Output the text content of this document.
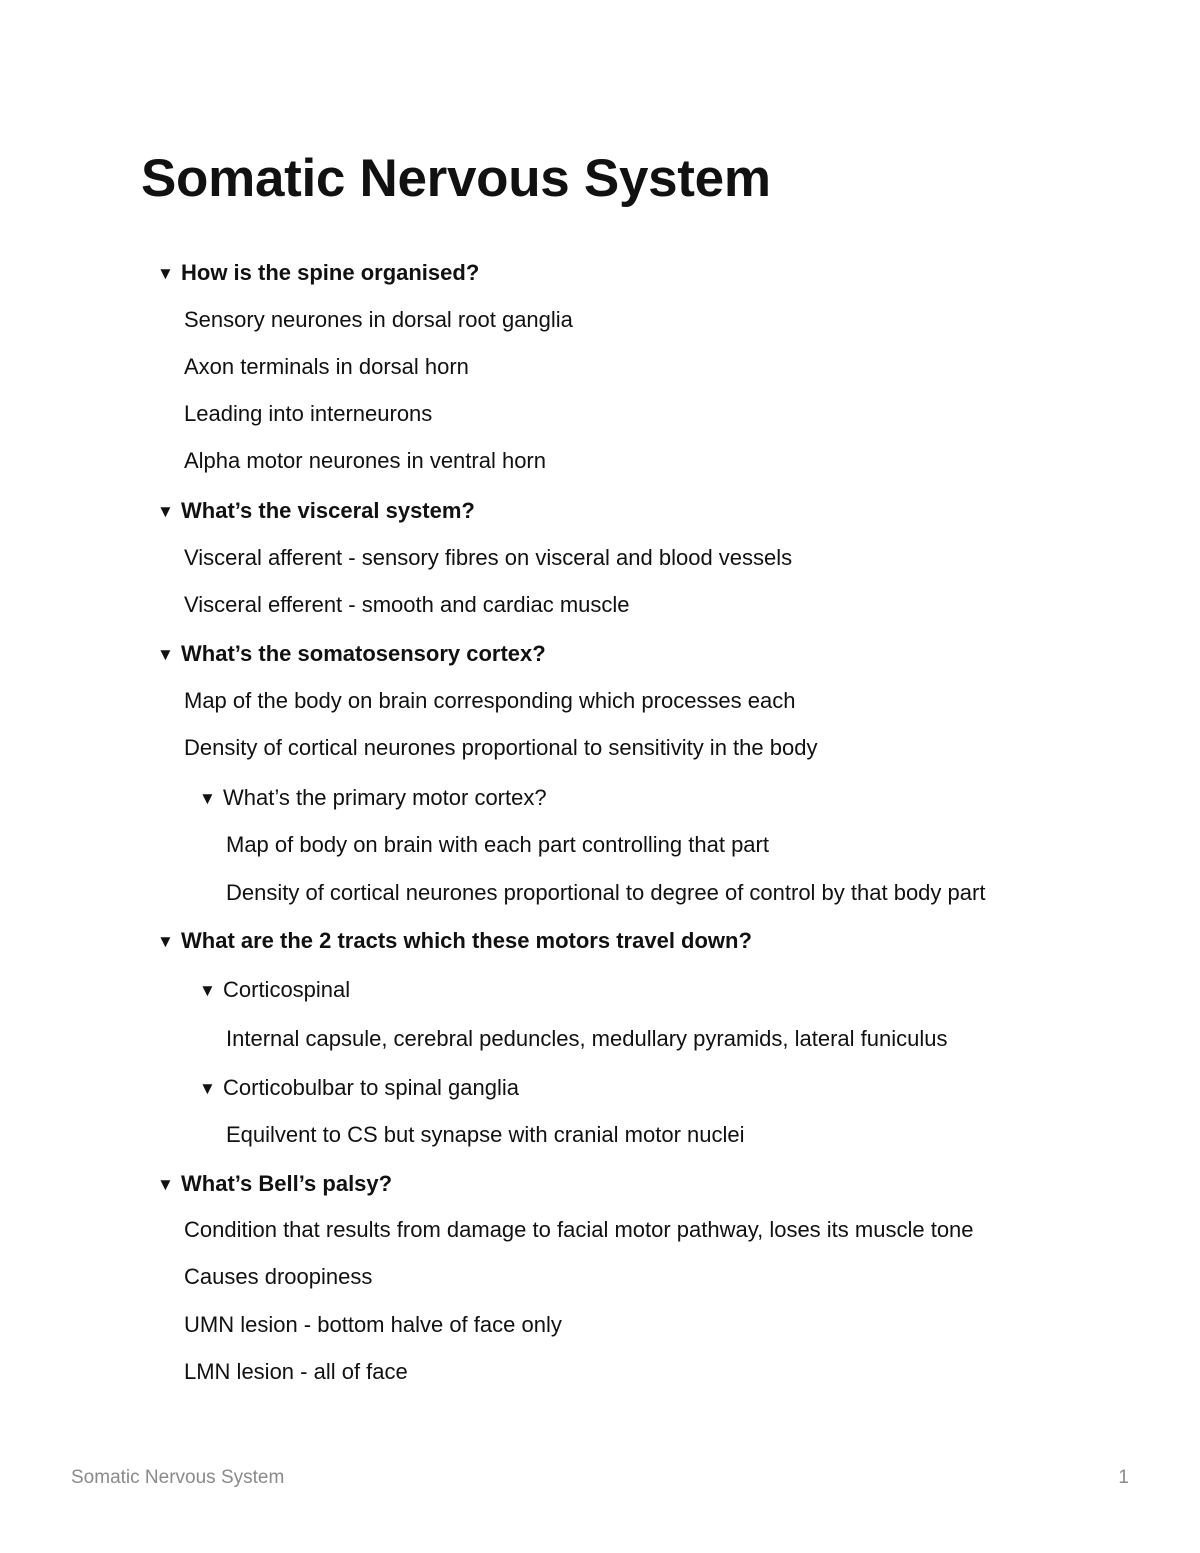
Somatic Nervous System
▼ How is the spine organised?
Sensory neurones in dorsal root ganglia
Axon terminals in dorsal horn
Leading into interneurons
Alpha motor neurones in ventral horn
▼ What’s the visceral system?
Visceral afferent - sensory fibres on visceral and blood vessels
Visceral efferent - smooth and cardiac muscle
▼ What’s the somatosensory cortex?
Map of the body on brain corresponding which processes each
Density of cortical neurones proportional to sensitivity in the body
▼ What’s the primary motor cortex?
Map of body on brain with each part controlling that part
Density of cortical neurones proportional to degree of control by that body part
▼ What are the 2 tracts which these motors travel down?
▼ Corticospinal
Internal capsule, cerebral peduncles, medullary pyramids, lateral funiculus
▼ Corticobulbar to spinal ganglia
Equilvent to CS but synapse with cranial motor nuclei
▼ What’s Bell’s palsy?
Condition that results from damage to facial motor pathway, loses its muscle tone
Causes droopiness
UMN lesion - bottom halve of face only
LMN lesion - all of face
Somatic Nervous System	1
